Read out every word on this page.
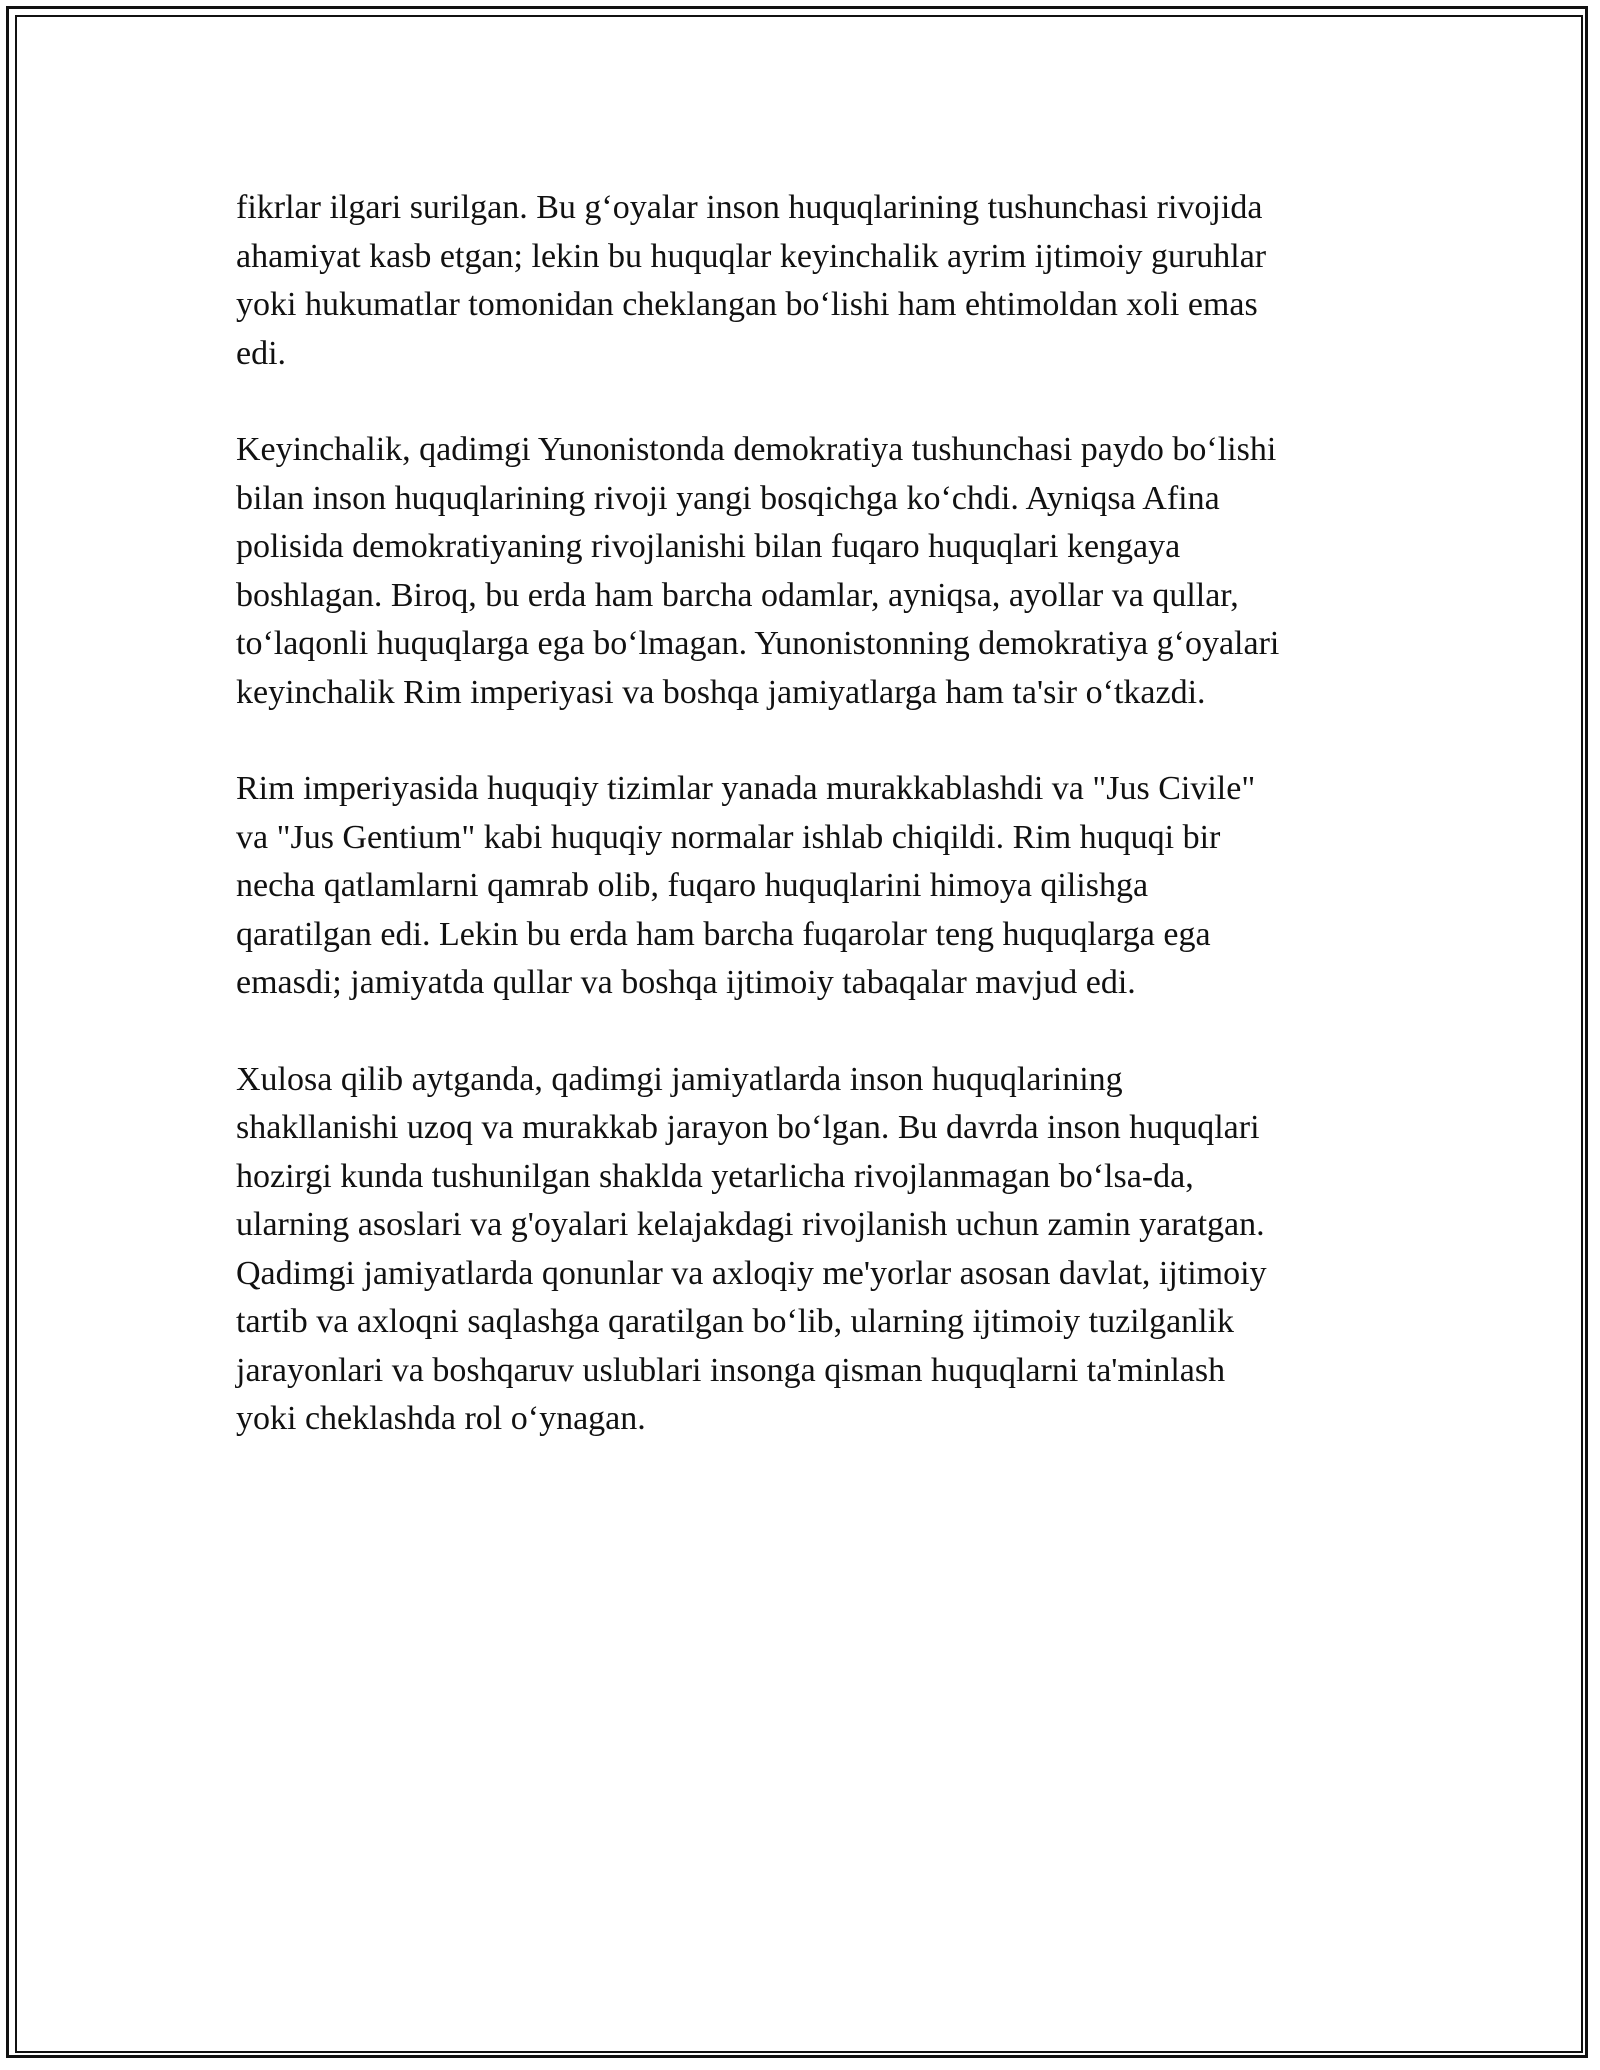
fikrlar ilgari surilgan. Bu g‘oyalar inson huquqlarining tushunchasi rivojida
ahamiyat kasb etgan; lekin bu huquqlar keyinchalik ayrim ijtimoiy guruhlar
yoki hukumatlar tomonidan cheklangan bo‘lishi ham ehtimoldan xoli emas
edi.

Keyinchalik, qadimgi Yunonistonda demokratiya tushunchasi paydo bo‘lishi
bilan inson huquqlarining rivoji yangi bosqichga ko‘chdi. Ayniqsa Afina
polisida demokratiyaning rivojlanishi bilan fuqaro huquqlari kengaya
boshlagan. Biroq, bu erda ham barcha odamlar, ayniqsa, ayollar va qullar,
to‘laqonli huquqlarga ega bo‘lmagan. Yunonistonning demokratiya g‘oyalari
keyinchalik Rim imperiyasi va boshqa jamiyatlarga ham ta'sir o‘tkazdi.

Rim imperiyasida huquqiy tizimlar yanada murakkablashdi va "Jus Civile"
va "Jus Gentium" kabi huquqiy normalar ishlab chiqildi. Rim huquqi bir
necha qatlamlarni qamrab olib, fuqaro huquqlarini himoya qilishga
qaratilgan edi. Lekin bu erda ham barcha fuqarolar teng huquqlarga ega
emasdi; jamiyatda qullar va boshqa ijtimoiy tabaqalar mavjud edi.

Xulosa qilib aytganda, qadimgi jamiyatlarda inson huquqlarining
shakllanishi uzoq va murakkab jarayon bo‘lgan. Bu davrda inson huquqlari
hozirgi kunda tushunilgan shaklda yetarlicha rivojlanmagan bo‘lsa-da,
ularning asoslari va g'oyalari kelajakdagi rivojlanish uchun zamin yaratgan.
Qadimgi jamiyatlarda qonunlar va axloqiy me'yorlar asosan davlat, ijtimoiy
tartib va axloqni saqlashga qaratilgan bo‘lib, ularning ijtimoiy tuzilganlik
jarayonlari va boshqaruv uslublari insonga qisman huquqlarni ta'minlash
yoki cheklashda rol o‘ynagan.
